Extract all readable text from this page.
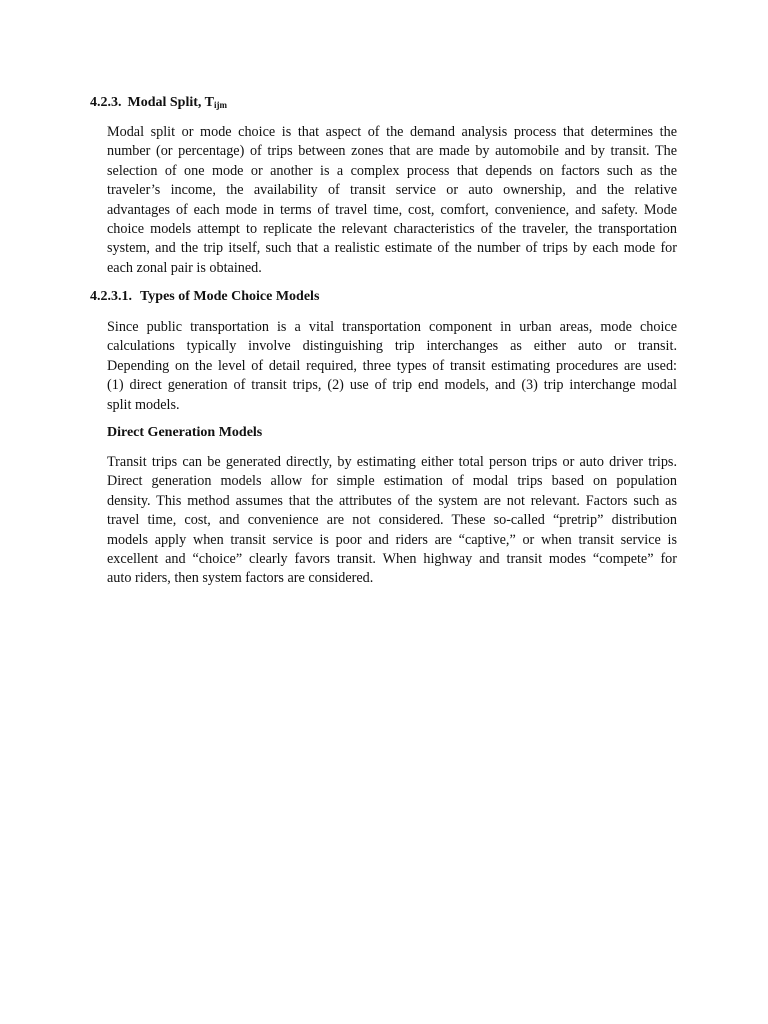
4.2.3. Modal Split, $T_{ijm}$

Modal split or mode choice is that aspect of the demand analysis process that determines the
number (or percentage) of trips between zones that are made by automobile and by transit. The
selection of one mode or another is a complex process that depends on factors such as the
traveler’s income, the availability of transit service or auto ownership, and the relative
advantages of each mode in terms of travel time, cost, comfort, convenience, and safety. Mode
choice models attempt to replicate the relevant characteristics of the traveler, the transportation
system, and the trip itself, such that a realistic estimate of the number of trips by each mode for
each zonal pair is obtained.

4.2.3.1. Types of Mode Choice Models

Since public transportation is a vital transportation component in urban areas, mode choice
calculations typically involve distinguishing trip interchanges as either auto or transit.
Depending on the level of detail required, three types of transit estimating procedures are used:
(1) direct generation of transit trips, (2) use of trip end models, and (3) trip interchange modal
split models.

Direct Generation Models

Transit trips can be generated directly, by estimating either total person trips or auto driver trips.
Direct generation models allow for simple estimation of modal trips based on population
density. This method assumes that the attributes of the system are not relevant. Factors such as
travel time, cost, and convenience are not considered. These so-called “pretrip” distribution
models apply when transit service is poor and riders are “captive,” or when transit service is
excellent and “choice” clearly favors transit. When highway and transit modes “compete” for
auto riders, then system factors are considered.
